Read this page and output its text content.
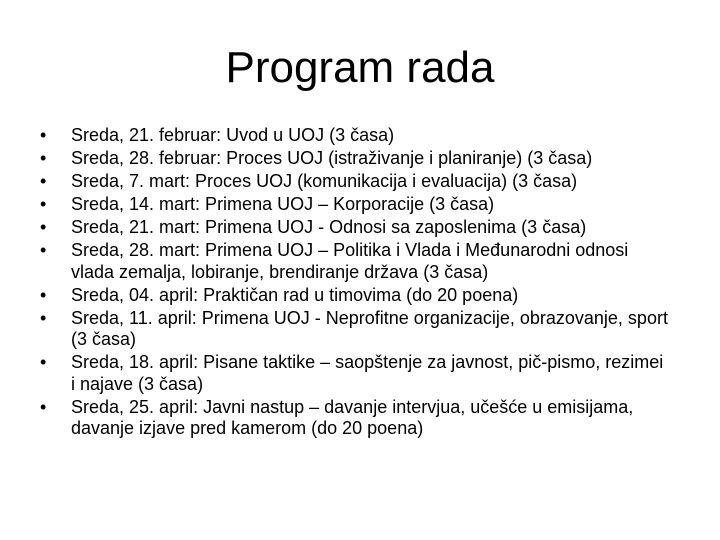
Program rada
•	Sreda, 21. februar: Uvod u UOJ (3 časa)
•	Sreda, 28. februar: Proces UOJ (istraživanje i planiranje) (3 časa)
•	Sreda, 7. mart: Proces UOJ (komunikacija i evaluacija) (3 časa)
•	Sreda, 14. mart: Primena UOJ – Korporacije (3 časa)
•	Sreda, 21. mart: Primena UOJ - Odnosi sa zaposlenima (3 časa)
•	Sreda, 28. mart: Primena UOJ – Politika i Vlada i Međunarodni odnosi vlada zemalja, lobiranje, brendiranje država (3 časa)
•	Sreda, 04. april: Praktičan rad u timovima (do 20 poena)
•	Sreda, 11. april: Primena UOJ - Neprofitne organizacije, obrazovanje, sport (3 časa)
•	Sreda, 18. april: Pisane taktike – saopštenje za javnost, pič-pismo, rezimei i najave (3 časa)
•	Sreda, 25. april: Javni nastup – davanje intervjua, učešće u emisijama, davanje izjave pred kamerom (do 20 poena)
